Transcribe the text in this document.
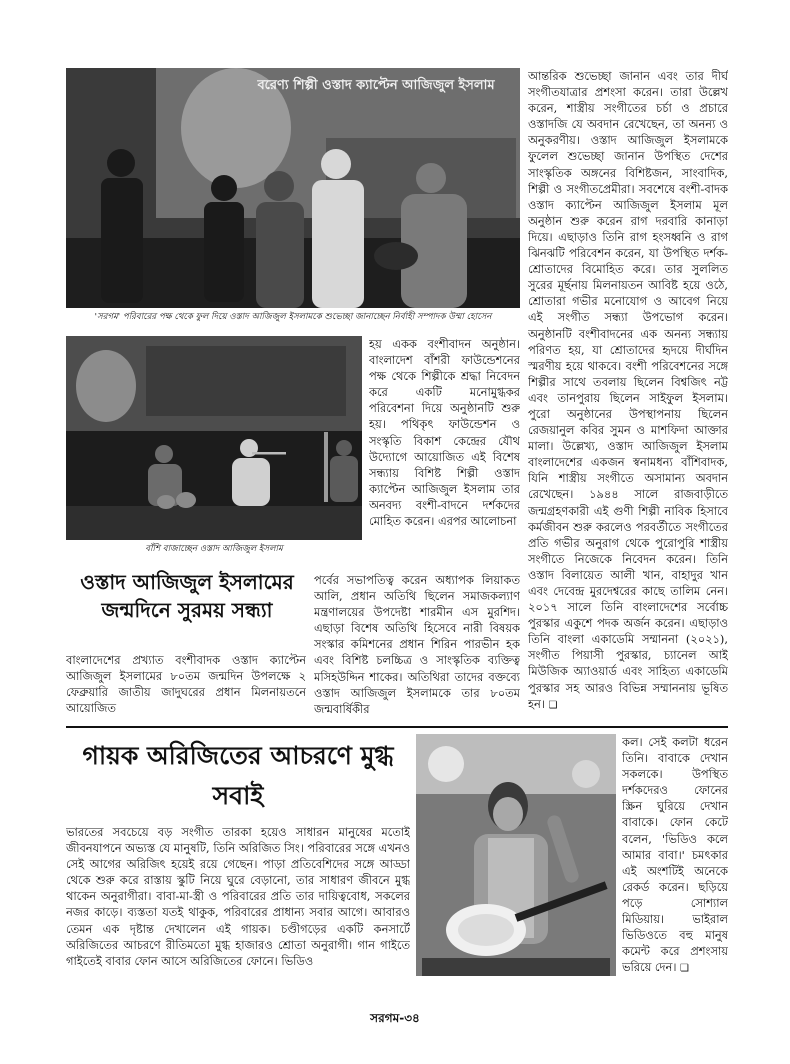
বরেণ্য শিল্পী ওস্তাদ ক্যাপ্টেন আজিজুল ইসলাম
'সরগম' পরিবারের পক্ষ থেকে ফুল দিয়ে ওস্তাদ আজিজুল ইসলামকে শুভেচ্ছা জানাচ্ছেন নির্বাহী সম্পাদক উম্মা হোসেন
বাঁশি বাজাচ্ছেন ওস্তাদ আজিজুল ইসলাম
ওস্তাদ আজিজুল ইসলামের জন্মদিনে সুরময় সন্ধ্যা

বাংলাদেশের প্রখ্যাত বংশীবাদক ওস্তাদ ক্যাপ্টেন আজিজুল ইসলামের ৮০তম জন্মদিন উপলক্ষে ২ ফেব্রুয়ারি জাতীয় জাদুঘরের প্রধান মিলনায়তনে আয়োজিত

হয় একক বংশীবাদন অনুষ্ঠান। বাংলাদেশ বাঁশরী ফাউন্ডেশনের পক্ষ থেকে শিল্পীকে শ্রদ্ধা নিবেদন করে একটি মনোমুগ্ধকর পরিবেশনা দিয়ে অনুষ্ঠানটি শুরু হয়। পথিকৃৎ ফাউন্ডেশন ও সংস্কৃতি বিকাশ কেন্দ্রের যৌথ উদ্যোগে আয়োজিত এই বিশেষ সন্ধ্যায় বিশিষ্ট শিল্পী ওস্তাদ ক্যাপ্টেন আজিজুল ইসলাম তার অনবদ্য বংশী-বাদনে দর্শকদের মোহিত করেন। এরপর আলোচনা

পর্বের সভাপতিত্ব করেন অধ্যাপক লিয়াকত আলি, প্রধান অতিথি ছিলেন সমাজকল্যাণ মন্ত্রণালয়ের উপদেষ্টা শারমীন এস মুরশিদ। এছাড়া বিশেষ অতিথি হিসেবে নারী বিষয়ক সংস্কার কমিশনের প্রধান শিরিন পারভীন হক এবং বিশিষ্ট চলচ্চিত্র ও সাংস্কৃতিক ব্যক্তিত্ব মসিহউদ্দিন শাকের। অতিথিরা তাদের বক্তব্যে ওস্তাদ আজিজুল ইসলামকে তার ৮০তম জন্মবার্ষিকীর

আন্তরিক শুভেচ্ছা জানান এবং তার দীর্ঘ সংগীতযাত্রার প্রশংসা করেন। তারা উল্লেখ করেন, শাস্ত্রীয় সংগীতের চর্চা ও প্রচারে ওস্তাদজি যে অবদান রেখেছেন, তা অনন্য ও অনুকরণীয়। ওস্তাদ আজিজুল ইসলামকে ফুলেল শুভেচ্ছা জানান উপস্থিত দেশের সাংস্কৃতিক অঙ্গনের বিশিষ্টজন, সাংবাদিক, শিল্পী ও সংগীতপ্রেমীরা। সবশেষে বংশী-বাদক ওস্তাদ ক্যাপ্টেন আজিজুল ইসলাম মূল অনুষ্ঠান শুরু করেন রাগ দরবারি কানাড়া দিয়ে। এছাড়াও তিনি রাগ হংসধ্বনি ও রাগ ঝিনঝটি পরিবেশন করেন, যা উপস্থিত দর্শক-শ্রোতাদের বিমোহিত করে। তার সুললিত সুরের মূর্ছনায় মিলনায়তন আবিষ্ট হয়ে ওঠে, শ্রোতারা গভীর মনোযোগ ও আবেগ নিয়ে এই সংগীত সন্ধ্যা উপভোগ করেন। অনুষ্ঠানটি বংশীবাদনের এক অনন্য সন্ধ্যায় পরিণত হয়, যা শ্রোতাদের হৃদয়ে দীর্ঘদিন স্মরণীয় হয়ে থাকবে। বংশী পরিবেশনের সঙ্গে শিল্পীর সাথে তবলায় ছিলেন বিশ্বজিৎ নট্ট এবং তানপুরায় ছিলেন সাইফুল ইসলাম। পুরো অনুষ্ঠানের উপস্থাপনায় ছিলেন রেজয়ানুল কবির সুমন ও মাশফিদা আক্তার মালা। উল্লেখ্য, ওস্তাদ আজিজুল ইসলাম বাংলাদেশের একজন স্বনামধন্য বাঁশিবাদক, যিনি শাস্ত্রীয় সংগীতে অসামান্য অবদান রেখেছেন। ১৯৪৪ সালে রাজবাড়ীতে জন্মগ্রহণকারী এই গুণী শিল্পী নাবিক হিসাবে কর্মজীবন শুরু করলেও পরবর্তীতে সংগীতের প্রতি গভীর অনুরাগ থেকে পুরোপুরি শাস্ত্রীয় সংগীতে নিজেকে নিবেদন করেন। তিনি ওস্তাদ বিলায়েত আলী খান, বাহাদুর খান এবং দেবেন্দ্র মুরদেশ্বরের কাছে তালিম নেন। ২০১৭ সালে তিনি বাংলাদেশের সর্বোচ্চ পুরস্কার একুশে পদক অর্জন করেন। এছাড়াও তিনি বাংলা একাডেমি সম্মাননা (২০২১), সংগীত পিয়াসী পুরস্কার, চ্যানেল আই মিউজিক অ্যাওয়ার্ড এবং সাহিত্য একাডেমি পুরস্কার সহ আরও বিভিন্ন সম্মাননায় ভূষিত হন। ❏

গায়ক অরিজিতের আচরণে মুগ্ধ সবাই

ভারতের সবচেয়ে বড় সংগীত তারকা হয়েও সাধারন মানুষের মতোই জীবনযাপনে অভ্যস্ত যে মানুষটি, তিনি অরিজিত সিং। পরিবারের সঙ্গে এখনও সেই আগের অরিজিৎ হয়েই রয়ে গেছেন। পাড়া প্রতিবেশিদের সঙ্গে আড্ডা থেকে শুরু করে রাস্তায় স্কুটি নিয়ে ঘুরে বেড়ানো, তার সাধারণ জীবনে মুগ্ধ থাকেন অনুরাগীরা। বাবা-মা-স্ত্রী ও পরিবারের প্রতি তার দায়িত্ববোধ, সকলের নজর কাড়ে। ব্যস্ততা যতই থাকুক, পরিবারের প্রাধান্য সবার আগে। আবারও তেমন এক দৃষ্টান্ত দেখালেন এই গায়ক। চণ্ডীগড়ের একটি কনসার্টে অরিজিতের আচরণে রীতিমতো মুগ্ধ হাজারও শ্রোতা অনুরাগী। গান গাইতে গাইতেই বাবার ফোন আসে অরিজিতের ফোনে। ভিডিও

কল। সেই কলটা ধরেন তিনি। বাবাকে দেখান সকলকে। উপস্থিত দর্শকদেরও ফোনের স্ক্রিন ঘুরিয়ে দেখান বাবাকে। ফোন কেটে বলেন, 'ভিডিও কলে আমার বাবা।' চমৎকার এই অংশটিই অনেকে রেকর্ড করেন। ছড়িয়ে পড়ে সোশ্যাল মিডিয়ায়। ভাইরাল ভিডিওতে বহু মানুষ কমেন্ট করে প্রশংসায় ভরিয়ে দেন। ❏

সরগম-৩৪
